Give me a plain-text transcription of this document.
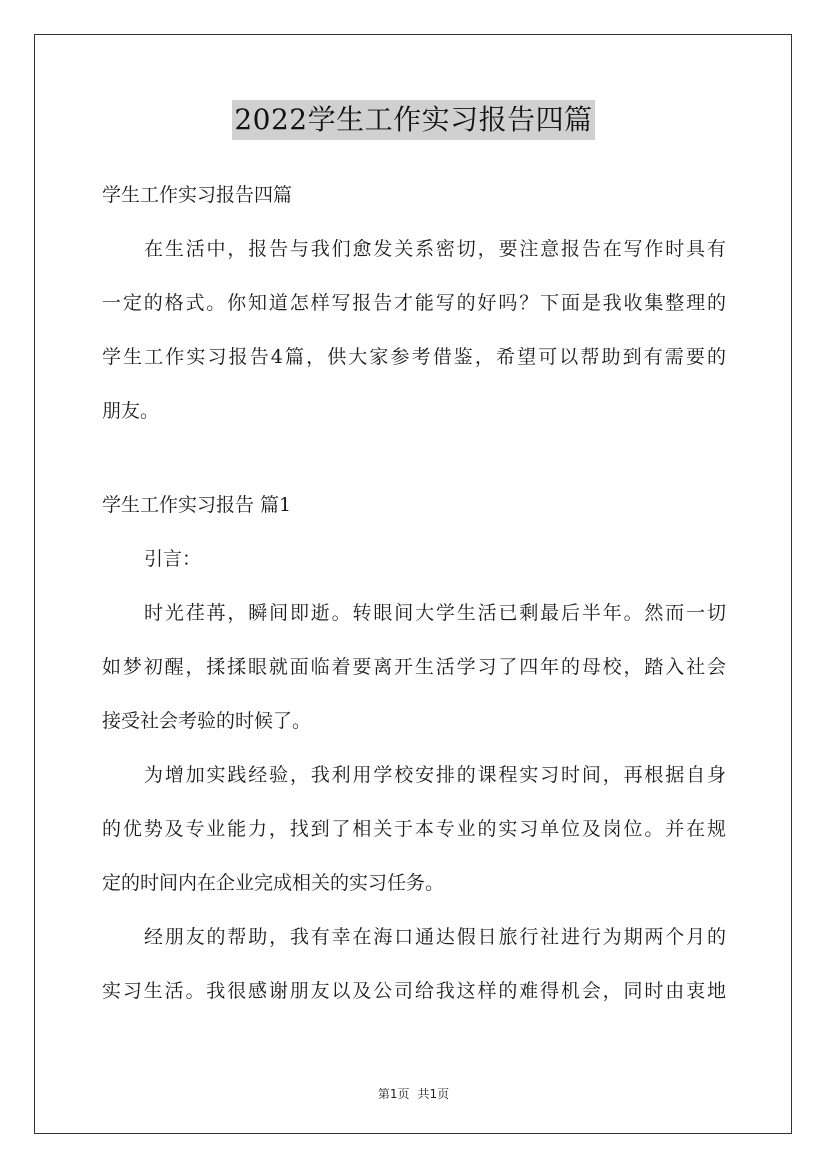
2022学生工作实习报告四篇

学生工作实习报告四篇

在生活中，报告与我们愈发关系密切，要注意报告在写作时具有

一定的格式。你知道怎样写报告才能写的好吗？下面是我收集整理的

学生工作实习报告4篇，供大家参考借鉴，希望可以帮助到有需要的

朋友。

学生工作实习报告 篇1

引言：

时光荏苒，瞬间即逝。转眼间大学生活已剩最后半年。然而一切

如梦初醒，揉揉眼就面临着要离开生活学习了四年的母校，踏入社会

接受社会考验的时候了。

为增加实践经验，我利用学校安排的课程实习时间，再根据自身

的优势及专业能力，找到了相关于本专业的实习单位及岗位。并在规

定的时间内在企业完成相关的实习任务。

经朋友的帮助，我有幸在海口通达假日旅行社进行为期两个月的

实习生活。我很感谢朋友以及公司给我这样的难得机会，同时由衷地

第1页 共1页
